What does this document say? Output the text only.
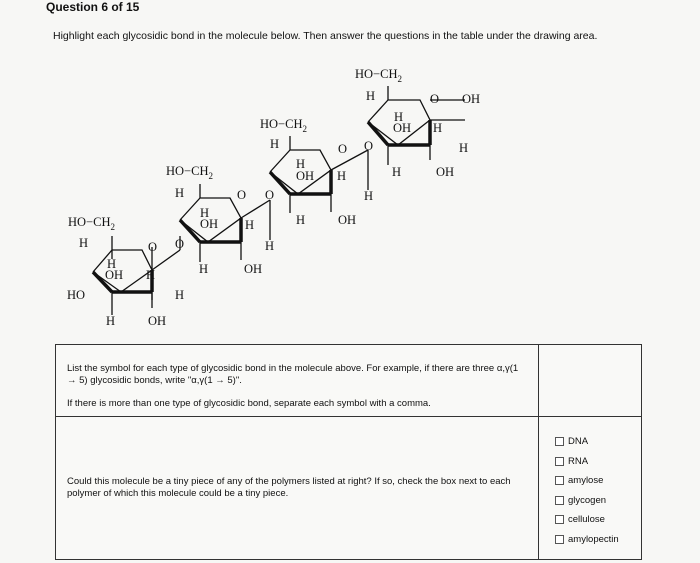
Question 6 of 15
Highlight each glycosidic bond in the molecule below. Then answer the questions in the table under the drawing area.
$HO-CH_2$
H	O
H
OH H
HO	H
H	OH
O
$HO-CH_2$
H	O
H
OH H
H
H	OH
O
$HO-CH_2$
H	O
H
OH H
H
H	OH
O
$HO-CH_2$
H	O OH
H
OH H
H
H	OH
List the symbol for each type of glycosidic bond in the molecule above. For example, if there are three α,γ(1 → 5) glycosidic bonds, write "α,γ(1 → 5)".
If there is more than one type of glycosidic bond, separate each symbol with a comma.
Could this molecule be a tiny piece of any of the polymers listed at right? If so, check the box next to each polymer of which this molecule could be a tiny piece.
DNA
RNA
amylose
glycogen
cellulose
amylopectin
